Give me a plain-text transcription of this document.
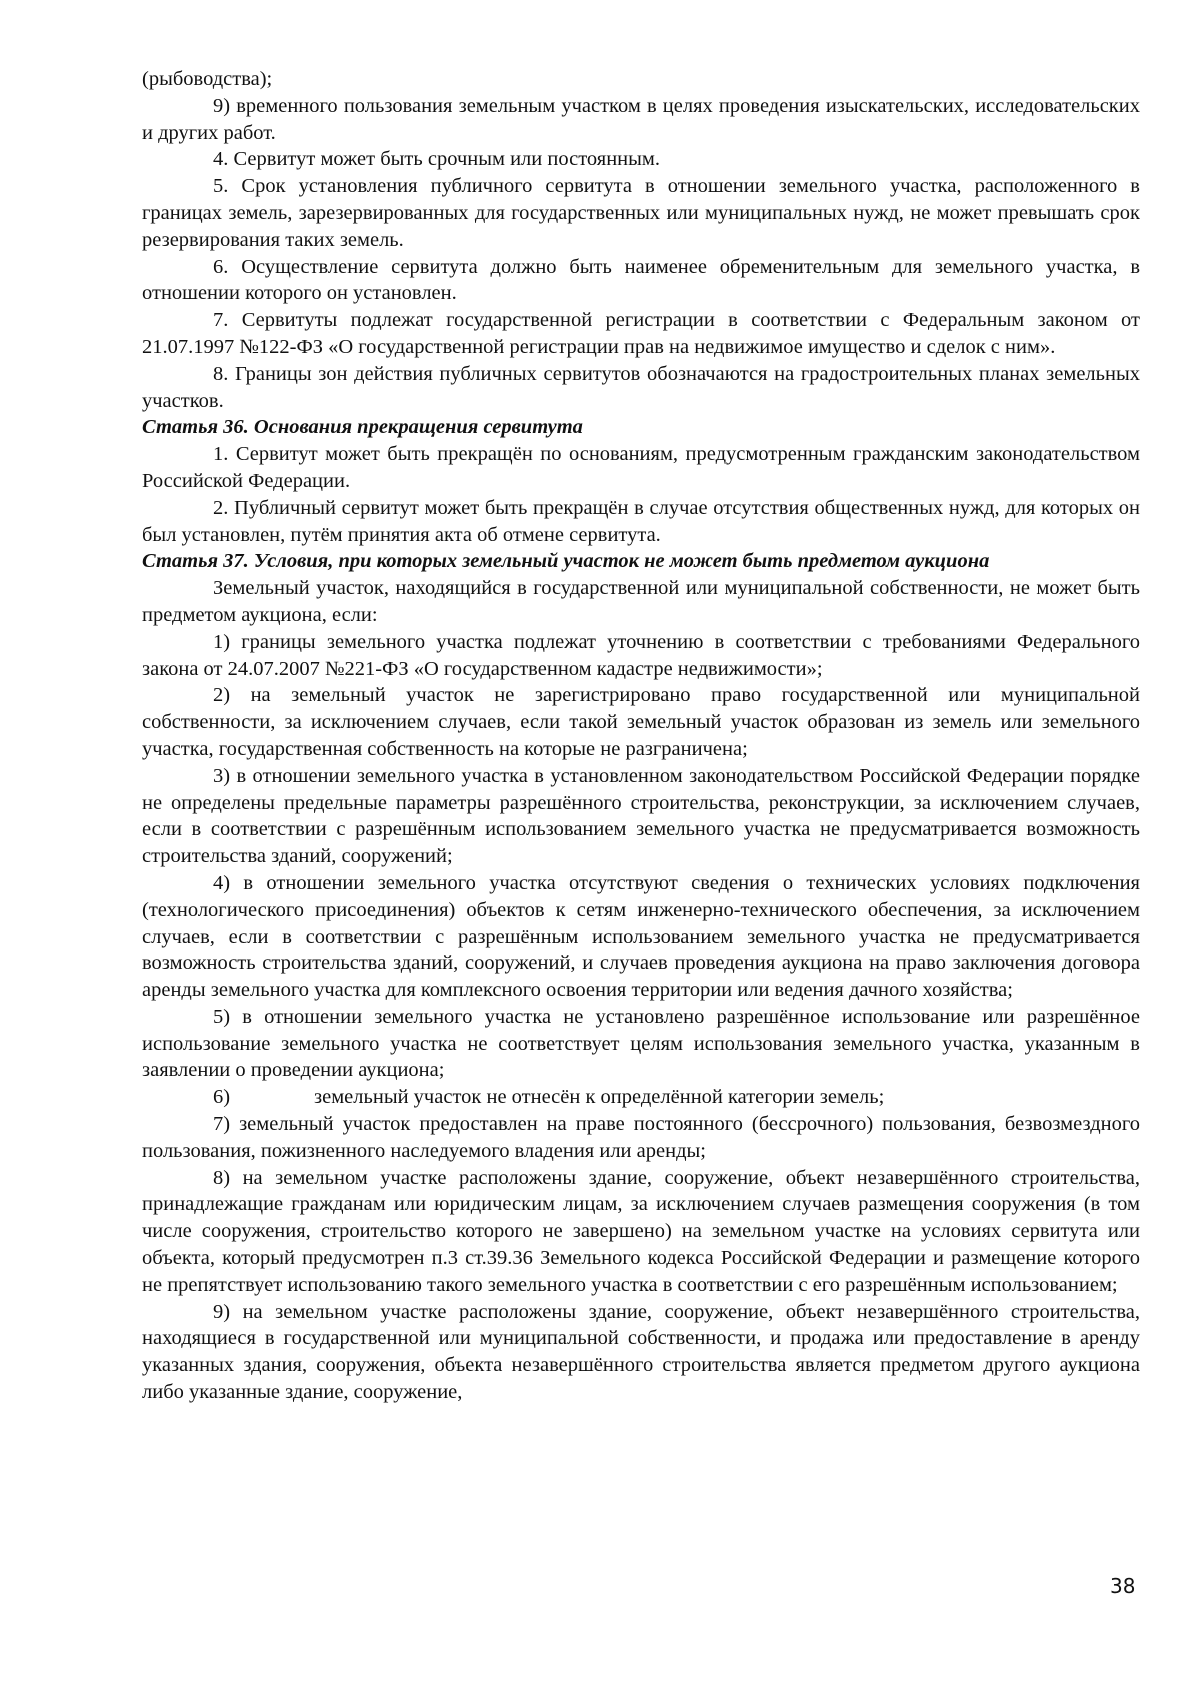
(рыбоводства);

9) временного пользования земельным участком в целях проведения изыскательских, исследовательских и других работ.

4. Сервитут может быть срочным или постоянным.

5. Срок установления публичного сервитута в отношении земельного участка, расположенного в границах земель, зарезервированных для государственных или муниципальных нужд, не может превышать срок резервирования таких земель.

6. Осуществление сервитута должно быть наименее обременительным для земельного участка, в отношении которого он установлен.

7. Сервитуты подлежат государственной регистрации в соответствии с Федеральным законом от 21.07.1997 №122-ФЗ «О государственной регистрации прав на недвижимое имущество и сделок с ним».

8. Границы зон действия публичных сервитутов обозначаются на градостроительных планах земельных участков.

Статья 36. Основания прекращения сервитута

1. Сервитут может быть прекращён по основаниям, предусмотренным гражданским законодательством Российской Федерации.

2. Публичный сервитут может быть прекращён в случае отсутствия общественных нужд, для которых он был установлен, путём принятия акта об отмене сервитута.

Статья 37. Условия, при которых земельный участок не может быть предметом аукциона

Земельный участок, находящийся в государственной или муниципальной собственности, не может быть предметом аукциона, если:

1) границы земельного участка подлежат уточнению в соответствии с требованиями Федерального закона от 24.07.2007 №221-ФЗ «О государственном кадастре недвижимости»;

2) на земельный участок не зарегистрировано право государственной или муниципальной собственности, за исключением случаев, если такой земельный участок образован из земель или земельного участка, государственная собственность на которые не разграничена;

3) в отношении земельного участка в установленном законодательством Российской Федерации порядке не определены предельные параметры разрешённого строительства, реконструкции, за исключением случаев, если в соответствии с разрешённым использованием земельного участка не предусматривается возможность строительства зданий, сооружений;

4) в отношении земельного участка отсутствуют сведения о технических условиях подключения (технологического присоединения) объектов к сетям инженерно-технического обеспечения, за исключением случаев, если в соответствии с разрешённым использованием земельного участка не предусматривается возможность строительства зданий, сооружений, и случаев проведения аукциона на право заключения договора аренды земельного участка для комплексного освоения территории или ведения дачного хозяйства;

5) в отношении земельного участка не установлено разрешённое использование или разрешённое использование земельного участка не соответствует целям использования земельного участка, указанным в заявлении о проведении аукциона;

6)	земельный участок не отнесён к определённой категории земель;

7) земельный участок предоставлен на праве постоянного (бессрочного) пользования, безвозмездного пользования, пожизненного наследуемого владения или аренды;

8) на земельном участке расположены здание, сооружение, объект незавершённого строительства, принадлежащие гражданам или юридическим лицам, за исключением случаев размещения сооружения (в том числе сооружения, строительство которого не завершено) на земельном участке на условиях сервитута или объекта, который предусмотрен п.3 ст.39.36 Земельного кодекса Российской Федерации и размещение которого не препятствует использованию такого земельного участка в соответствии с его разрешённым использованием;

9) на земельном участке расположены здание, сооружение, объект незавершённого строительства, находящиеся в государственной или муниципальной собственности, и продажа или предоставление в аренду указанных здания, сооружения, объекта незавершённого строительства является предметом другого аукциона либо указанные здание, сооружение,

38
